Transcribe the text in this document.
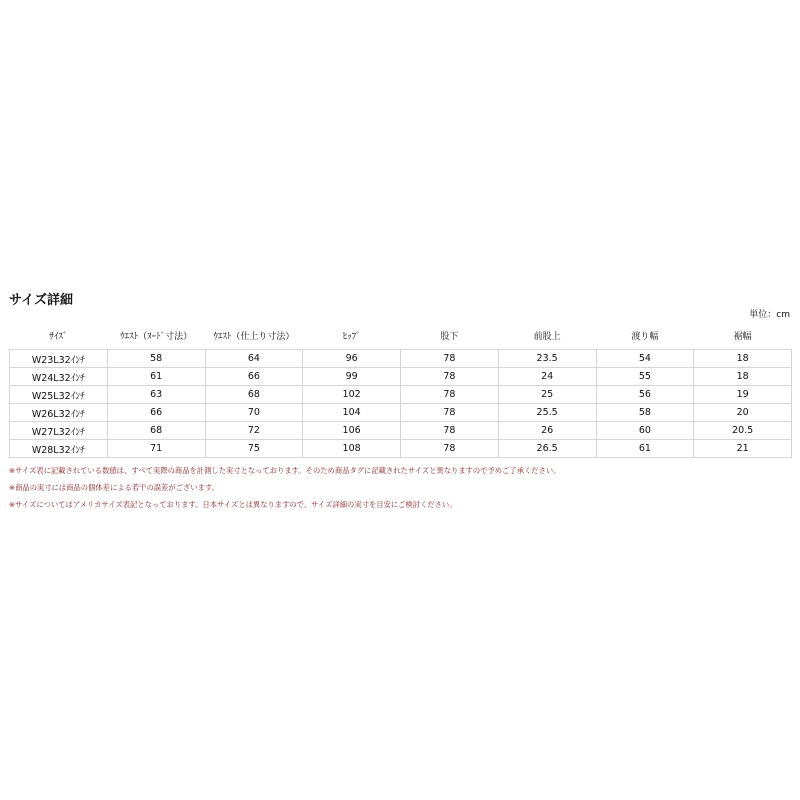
サイズ詳細
単位：cm
ｻｲｽﾞ	ｳｴｽﾄ（ﾇｰﾄﾞ寸法）	ｳｴｽﾄ（仕上り寸法）	ﾋｯﾌﾟ	股下	前股上	渡り幅	裾幅
W23L32ｲﾝﾁ	58	64	96	78	23.5	54	18
W24L32ｲﾝﾁ	61	66	99	78	24	55	18
W25L32ｲﾝﾁ	63	68	102	78	25	56	19
W26L32ｲﾝﾁ	66	70	104	78	25.5	58	20
W27L32ｲﾝﾁ	68	72	106	78	26	60	20.5
W28L32ｲﾝﾁ	71	75	108	78	26.5	61	21
※サイズ表に記載されている数値は、すべて実際の商品を計測した実寸となっております。そのため商品タグに記載されたサイズと異なりますので予めご了承ください。
※商品の実寸には商品の個体差による若干の誤差がございます。
※サイズについてはアメリカサイズ表記となっております。日本サイズとは異なりますので、サイズ詳細の実寸を目安にご検討ください。
